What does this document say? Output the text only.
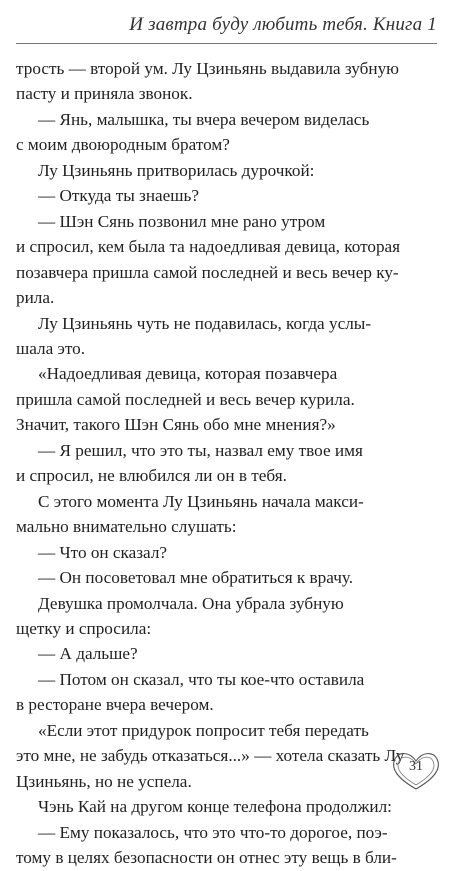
И завтра буду любить тебя. Книга 1

трость — второй ум. Лу Цзиньянь выдавила зубную

пасту и приняла звонок.

— Янь, малышка, ты вчера вечером виделась

с моим двоюродным братом?

Лу Цзиньянь притворилась дурочкой:

— Откуда ты знаешь?

— Шэн Сянь позвонил мне рано утром

и спросил, кем была та надоедливая девица, которая

позавчера пришла самой последней и весь вечер ку-

рила.

Лу Цзиньянь чуть не подавилась, когда услы-

шала это.

«Надоедливая девица, которая позавчера

пришла самой последней и весь вечер курила.

Значит, такого Шэн Сянь обо мне мнения?»

— Я решил, что это ты, назвал ему твое имя

и спросил, не влюбился ли он в тебя.

С этого момента Лу Цзиньянь начала макси-

мально внимательно слушать:

— Что он сказал?

— Он посоветовал мне обратиться к врачу.

Девушка промолчала. Она убрала зубную

щетку и спросила:

— А дальше?

— Потом он сказал, что ты кое-что оставила

в ресторане вчера вечером.

«Если этот придурок попросит тебя передать

это мне, не забудь отказаться...» — хотела сказать Лу

Цзиньянь, но не успела.

Чэнь Кай на другом конце телефона продолжил:

— Ему показалось, что это что-то дорогое, поэ-

тому в целях безопасности он отнес эту вещь в бли-

31
